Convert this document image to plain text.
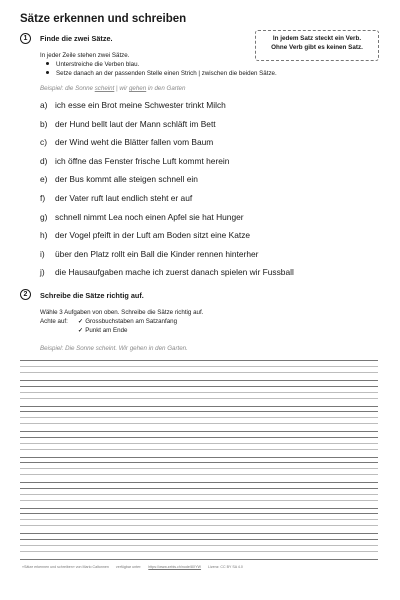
Sätze erkennen und schreiben
In jedem Satz steckt ein Verb.
Ohne Verb gibt es keinen Satz.
1	Finde die zwei Sätze.
In jeder Zeile stehen zwei Sätze.
Unterstreiche die Verben blau.
Setze danach an der passenden Stelle einen Strich | zwischen die beiden Sätze.
Beispiel: die Sonne scheint | wir gehen in den Garten
a) ich esse ein Brot meine Schwester trinkt Milch
b) der Hund bellt laut der Mann schläft im Bett
c) der Wind weht die Blätter fallen vom Baum
d) ich öffne das Fenster frische Luft kommt herein
e) der Bus kommt alle steigen schnell ein
f)	der Vater ruft laut endlich steht er auf
g) schnell nimmt Lea noch einen Apfel sie hat Hunger
h) der Vogel pfeift in der Luft am Boden sitzt eine Katze
i)	über den Platz rollt ein Ball die Kinder rennen hinterher
j)	die Hausaufgaben mache ich zuerst danach spielen wir Fussball
2	Schreibe die Sätze richtig auf.
Wähle 3 Aufgaben von oben. Schreibe die Sätze richtig auf.
Achte auf: ✓ Grossbuchstaben am Satzanfang
✓ Punkt am Ende
Beispiel: Die Sonne scheint. Wir gehen in den Garten.
«Sätze erkennen und schreiben» von Mario Caltonnen verfügbar unter: https://www.zebis.ch/node/8XYW Lizenz: CC BY SA 4.0
